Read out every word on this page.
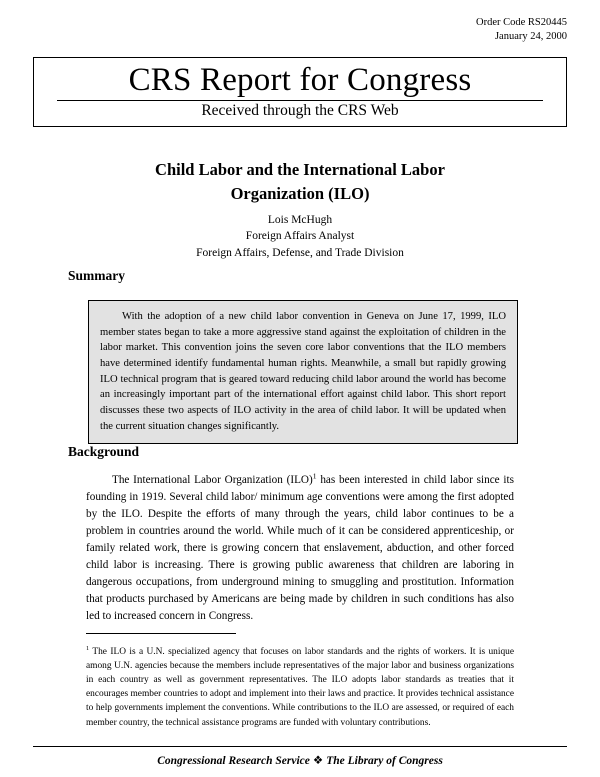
Order Code RS20445
January 24, 2000
CRS Report for Congress
Received through the CRS Web
Child Labor and the International Labor
Organization (ILO)
Lois McHugh
Foreign Affairs Analyst
Foreign Affairs, Defense, and Trade Division
Summary

With the adoption of a new child labor convention in Geneva on June 17, 1999, ILO member states began to take a more aggressive stand against the exploitation of children in the labor market. This convention joins the seven core labor conventions that the ILO members have determined identify fundamental human rights. Meanwhile, a small but rapidly growing ILO technical program that is geared toward reducing child labor around the world has become an increasingly important part of the international effort against child labor. This short report discusses these two aspects of ILO activity in the area of child labor. It will be updated when the current situation changes significantly.

Background

The International Labor Organization (ILO)$^1$ has been interested in child labor since its founding in 1919. Several child labor/ minimum age conventions were among the first adopted by the ILO. Despite the efforts of many through the years, child labor continues to be a problem in countries around the world. While much of it can be considered apprenticeship, or family related work, there is growing concern that enslavement, abduction, and other forced child labor is increasing. There is growing public awareness that children are laboring in dangerous occupations, from underground mining to smuggling and prostitution. Information that products purchased by Americans are being made by children in such conditions has also led to increased concern in Congress.

$^1$ The ILO is a U.N. specialized agency that focuses on labor standards and the rights of workers. It is unique among U.N. agencies because the members include representatives of the major labor and business organizations in each country as well as government representatives. The ILO adopts labor standards as treaties that it encourages member countries to adopt and implement into their laws and practice. It provides technical assistance to help governments implement the conventions. While contributions to the ILO are assessed, or required of each member country, the technical assistance programs are funded with voluntary contributions.

Congressional Research Service ❖ The Library of Congress
